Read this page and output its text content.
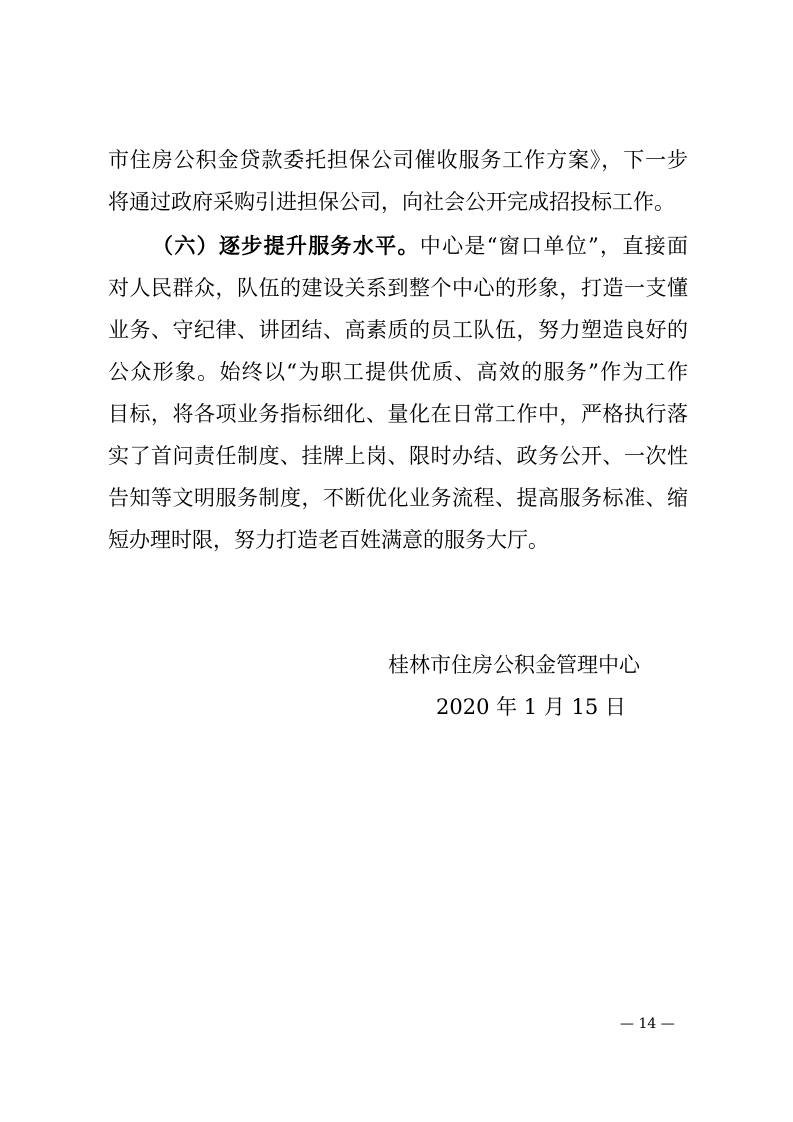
市住房公积金贷款委托担保公司催收服务工作方案》，下一步
将通过政府采购引进担保公司，向社会公开完成招投标工作。
（六）逐步提升服务水平。中心是“窗口单位”，直接面
对人民群众，队伍的建设关系到整个中心的形象，打造一支懂
业务、守纪律、讲团结、高素质的员工队伍，努力塑造良好的
公众形象。始终以“为职工提供优质、高效的服务”作为工作
目标，将各项业务指标细化、量化在日常工作中，严格执行落
实了首问责任制度、挂牌上岗、限时办结、政务公开、一次性
告知等文明服务制度，不断优化业务流程、提高服务标准、缩
短办理时限，努力打造老百姓满意的服务大厅。
桂林市住房公积金管理中心
2020 年 1 月 15 日
— 14 —
